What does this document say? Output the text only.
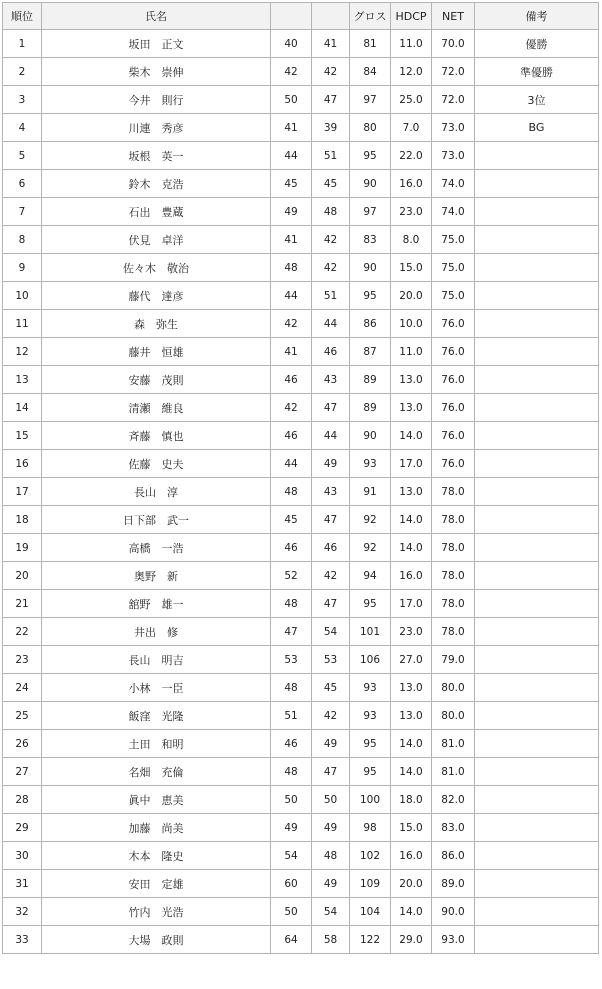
順位	氏名			グロス	HDCP	NET	備考
1	坂田　正文	40	41	81	11.0	70.0	優勝
2	柴木　崇伸	42	42	84	12.0	72.0	準優勝
3	今井　則行	50	47	97	25.0	72.0	3位
4	川連　秀彦	41	39	80	7.0	73.0	BG
5	坂根　英一	44	51	95	22.0	73.0	
6	鈴木　克浩	45	45	90	16.0	74.0	
7	石出　豊蔵	49	48	97	23.0	74.0	
8	伏見　卓洋	41	42	83	8.0	75.0	
9	佐々木　敬治	48	42	90	15.0	75.0	
10	藤代　達彦	44	51	95	20.0	75.0	
11	森　弥生	42	44	86	10.0	76.0	
12	藤井　恒雄	41	46	87	11.0	76.0	
13	安藤　茂則	46	43	89	13.0	76.0	
14	清瀬　維良	42	47	89	13.0	76.0	
15	斉藤　慎也	46	44	90	14.0	76.0	
16	佐藤　史夫	44	49	93	17.0	76.0	
17	長山　淳	48	43	91	13.0	78.0	
18	日下部　武一	45	47	92	14.0	78.0	
19	高橋　一浩	46	46	92	14.0	78.0	
20	奥野　新	52	42	94	16.0	78.0	
21	舘野　雄一	48	47	95	17.0	78.0	
22	井出　修	47	54	101	23.0	78.0	
23	長山　明吉	53	53	106	27.0	79.0	
24	小林　一臣	48	45	93	13.0	80.0	
25	飯窪　光隆	51	42	93	13.0	80.0	
26	土田　和明	46	49	95	14.0	81.0	
27	名畑　充倫	48	47	95	14.0	81.0	
28	眞中　恵美	50	50	100	18.0	82.0	
29	加藤　尚美	49	49	98	15.0	83.0	
30	木本　隆史	54	48	102	16.0	86.0	
31	安田　定雄	60	49	109	20.0	89.0	
32	竹内　光浩	50	54	104	14.0	90.0	
33	大場　政則	64	58	122	29.0	93.0	
